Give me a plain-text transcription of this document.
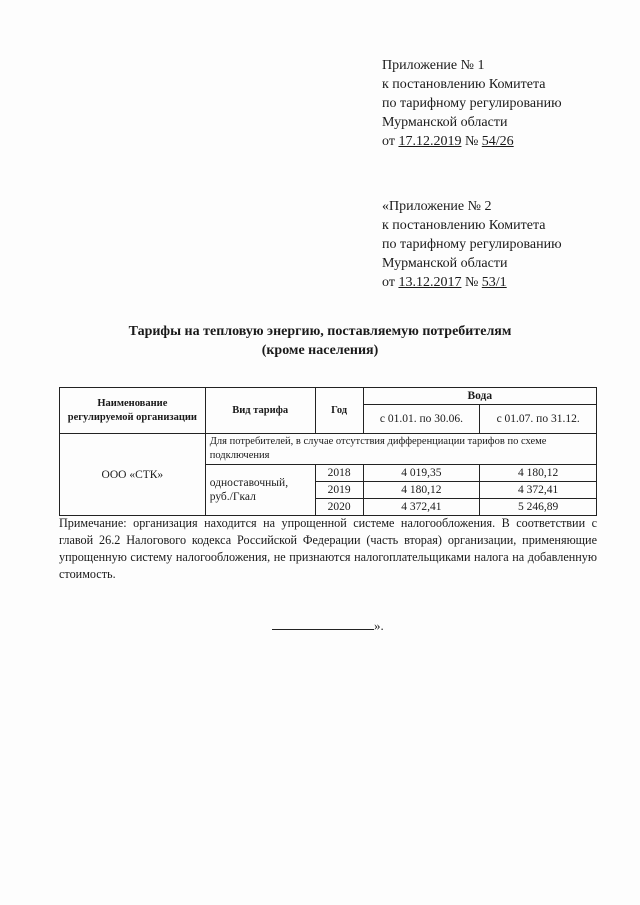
Приложение № 1
к постановлению Комитета
по тарифному регулированию
Мурманской области
от 17.12.2019 № 54/26
«Приложение № 2
к постановлению Комитета
по тарифному регулированию
Мурманской области
от 13.12.2017 № 53/1
Тарифы на тепловую энергию, поставляемую потребителям
(кроме населения)
Наименование регулируемой организации	Вид тарифа	Год	Вода	
			с 01.01. по 30.06.	с 01.07. по 31.12.
ООО «СТК»	Для потребителей, в случае отсутствия дифференциации тарифов по схеме подключения			
	одноставочный, руб./Гкал	2018	4 019,35	4 180,12
		2019	4 180,12	4 372,41
		2020	4 372,41	5 246,89
Примечание: организация находится на упрощенной системе налогообложения. В соответствии с главой 26.2 Налогового кодекса Российской Федерации (часть вторая) организации, применяющие упрощенную систему налогообложения, не признаются налогоплательщиками налога на добавленную стоимость.
».
